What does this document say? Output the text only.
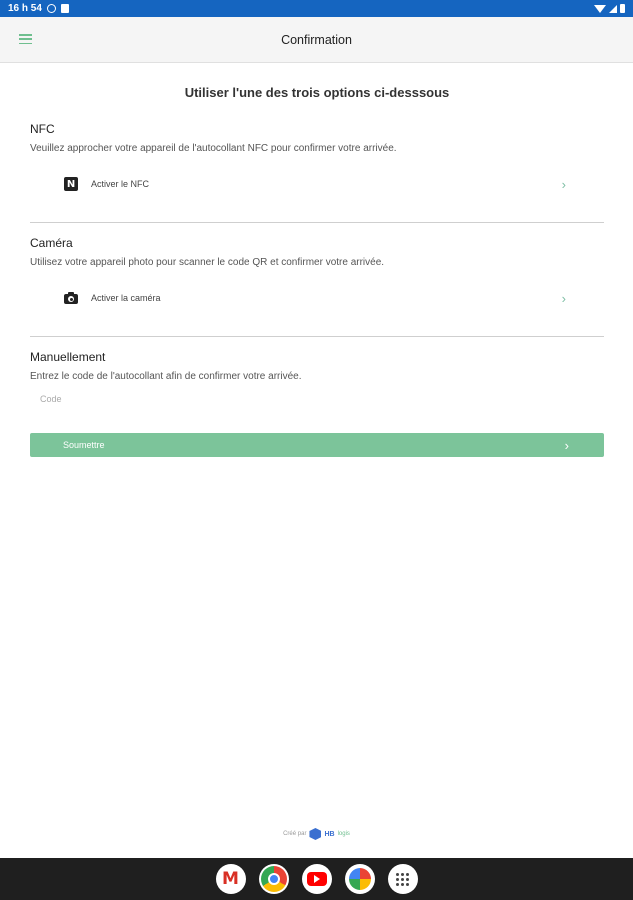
16 h 54
Confirmation
Utiliser l'une des trois options ci-desssous
NFC
Veuillez approcher votre appareil de l'autocollant NFC pour confirmer votre arrivée.
N	Activer le NFC	›
Caméra
Utilisez votre appareil photo pour scanner le code QR et confirmer votre arrivée.
Activer la caméra	›
Manuellement
Entrez le code de l'autocollant afin de confirmer votre arrivée.
Code
Soumettre	›
Créé par	HB logis
M
